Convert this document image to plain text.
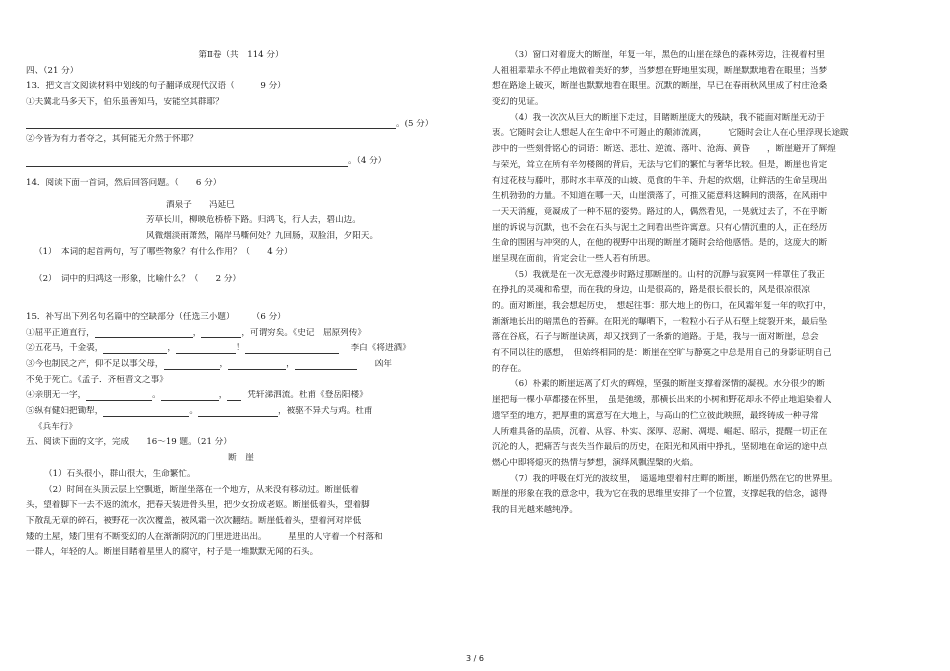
第Ⅱ卷（共　114 分）
四、（21 分）
13．把文言文阅读材料中划线的句子翻译成现代汉语（　　　9 分）
①夫冀北马多天下，伯乐虽善知马，安能空其群耶？
。(5 分）
②今皆为有力者夺之，其何能无介然于怀耶？
。（4 分）
14．阅读下面一首词，然后回答问题。（　　6 分）
酒泉子　　冯延巳
芳草长川，柳映危桥桥下路。归鸿飞，行人去，碧山边。
风微烟淡雨萧然，隔岸马嘶何处？九回肠，双脸泪，夕阳天。
（1）　本词的起首两句，写了哪些物象？有什么作用？（　　4 分）
（2）　词中的归鸿这一形象，比喻什么？（　　2 分）
15．补写出下列名句名篇中的空缺部分（任选三小题）　　　（6 分）
①屈平正道直行，	，	，可谓穷矣。《史记　屈原列传》
②五花马，千金裘，	，	！	李白《将进酒》
③今也制民之产，仰不足以事父母，	，	，	凶年
不免于死亡。《孟子．齐桓晋文之事》
④亲朋无一字，	。	， 凭轩涕泗流。杜甫《登岳阳楼》
⑤纵有健妇把锄犁，	。	，被驱不异犬与鸡。杜甫
《兵车行》
五、阅读下面的文字，完成　　16～19 题。（21 分）
断　崖
（1）石头很小，群山很大，生命繁忙。
（2）时间在头顶云层上空飘逝，断崖坐落在一个地方，从来没有移动过。断崖低着
头，望着脚下一去不返的流水，把春天装进骨头里，把少女扮成老妪。断崖低着头，望着脚
下散乱无章的碎石，被野花一次次覆盖，被风霜一次次翻结。断崖低着头，望着河对岸低
矮的土屋，矮门里有不断变幻的人在渐渐阴沉的门里进进出出。　　　星里的人守着一个村落和
一群人，年轻的人。断崖目睹着星里人的腐守，村子是一堆默默无闻的石头。
（3）窗口对着庞大的断崖，年复一年，黑色的山崖在绿色的森林旁边，注视着村里
人祖祖辈辈永不停止地做着美好的梦，当梦想在野地里实现，断崖默默地看在眼里；当梦
想在路途上破灭，断崖也默默地看在眼里。沉默的断崖，早已在春雨秋风里成了村庄沧桑
变幻的见证。
（4）我一次次从巨大的断崖下走过，目睹断崖庞大的残缺，我不能面对断崖无动于
衷。它随时会让人想起人在生命中不可遏止的颠沛流离，　　　它随时会让人在心里浮现长途跋
涉中的一些刻骨铭心的词语：断送、悲壮、逆流、落叶、沧海、黄昏　　，断崖避开了辉煌
与荣光，耸立在所有辛勿楼阁的背后，无法与它们的繁忙与奢华比较。但是，断崖也肯定
有过花枝与藤叶，那时水丰草茂的山坡、觅食的牛羊、升起的炊烟，让鲜活的生命呈现出
生机勃勃的力量。不知道在哪一天，山崖溃落了，可推又能意料这瞬间的溃落，在风雨中
一天天消瘦，竟凝成了一种不屈的姿势。路过的人，偶然看见，一晃就过去了，不在乎断
崖的诉说与沉默，也不会在石头与泥土之间看出些许寓意。只有心情沉重的人，正在经历
生命的围困与冲突的人，在他的视野中出现的断崖才随时会给他感悟。是的，这庞大的断
崖呈现在面前，肯定会让一些人若有所思。
（5）我就是在一次无意漫步时路过那断崖的。山村的沉静与寂寞网一样罩住了我正
在挣扎的灵魂和希望，而在我的身边，山是很高的，路是很长很长的，风是很凉很凉
的。面对断崖，我会想起历史，　想起往事：那大地上的伤口，在风霜年复一年的吹打中，
渐渐地长出的暗黑色的苔藓。在阳光的曝晒下，一粒粒小石子从石壁上绽裂开来，最后坠
落在谷底，石子与断崖诀离，却又找到了一条新的道路。于是，我与一面对断崖，总会
有不同以往的感想，　但始终相同的是：断崖在空旷与静寞之中总是用自己的身影证明自己
的存在。
（6）朴素的断崖远离了灯火的辉煌，坚强的断崖支撑着深情的凝视。水分很少的断
崖把每一棵小草都搂在怀里，　虽是弛缓，那横长出来的小树和野花却永不停止地追染着人
遗罕至的地方，把厚重的寓意写在大地上，与高山的伫立彼此映照，最终铸成一种寻常
人所难具备的品质，沉着、从容、朴实、深厚、忍耐、凋堤、崛起、昭示，提醒一切正在
沉沦的人，把痛苦与丧失当作最后的历史，在阳光和风雨中挣扎，坚韧地在命运的途中点
燃心中即将熄灭的热情与梦想，演绎风飘涅槃的火焰。
（7）我的呼吸在灯光的波纹里，　遥遥地望着村庄畔的断崖，断崖仍然在它的世界里。
断崖的形象在我的意念中，我为它在我的思维里安排了一个位置，支撑起我的信念，滤得
我的目光越来越纯净。
3 / 6
